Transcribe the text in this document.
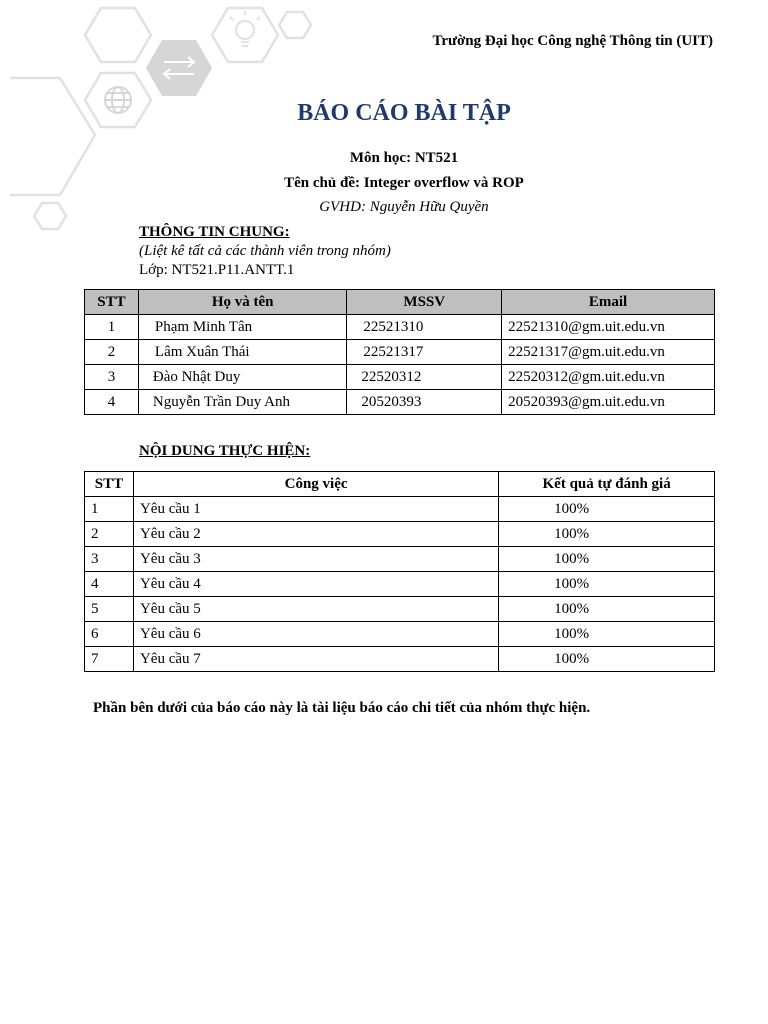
Trường Đại học Công nghệ Thông tin (UIT)
BÁO CÁO BÀI TẬP
Môn học: NT521
Tên chủ đề: Integer overflow và ROP
GVHD: Nguyễn Hữu Quyền
THÔNG TIN CHUNG:
(Liệt kê tất cả các thành viên trong nhóm)
Lớp: NT521.P11.ANTT.1
STT	Họ và tên	MSSV	Email
1	Phạm Minh Tân	22521310	22521310@gm.uit.edu.vn
2	Lâm Xuân Thái	22521317	22521317@gm.uit.edu.vn
3	Đào Nhật Duy	22520312	22520312@gm.uit.edu.vn
4	Nguyễn Trần Duy Anh	20520393	20520393@gm.uit.edu.vn
NỘI DUNG THỰC HIỆN:
STT	Công việc	Kết quả tự đánh giá
1	Yêu cầu 1	100%
2	Yêu cầu 2	100%
3	Yêu cầu 3	100%
4	Yêu cầu 4	100%
5	Yêu cầu 5	100%
6	Yêu cầu 6	100%
7	Yêu cầu 7	100%
Phần bên dưới của báo cáo này là tài liệu báo cáo chi tiết của nhóm thực hiện.
